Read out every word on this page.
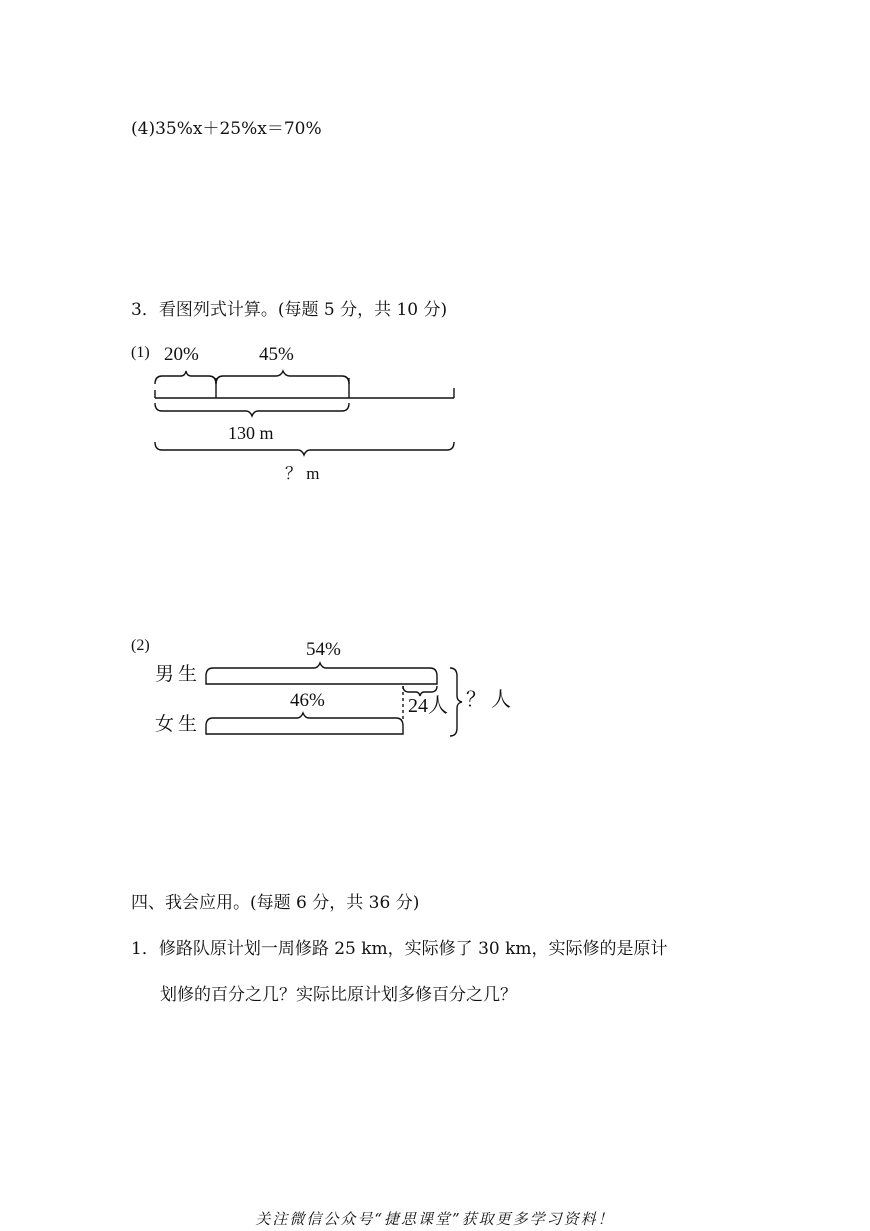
(4)35%x＋25%x＝70%
3．看图列式计算。(每题 5 分，共 10 分)
(1) 20%	45%
130 m
？ m
(2)
男生
女生
54%
46%	24人 ？ 人
四、我会应用。(每题 6 分，共 36 分)
1．修路队原计划一周修路 25 km，实际修了 30 km，实际修的是原计
划修的百分之几？实际比原计划多修百分之几？
关注微信公众号“捷思课堂”获取更多学习资料！
